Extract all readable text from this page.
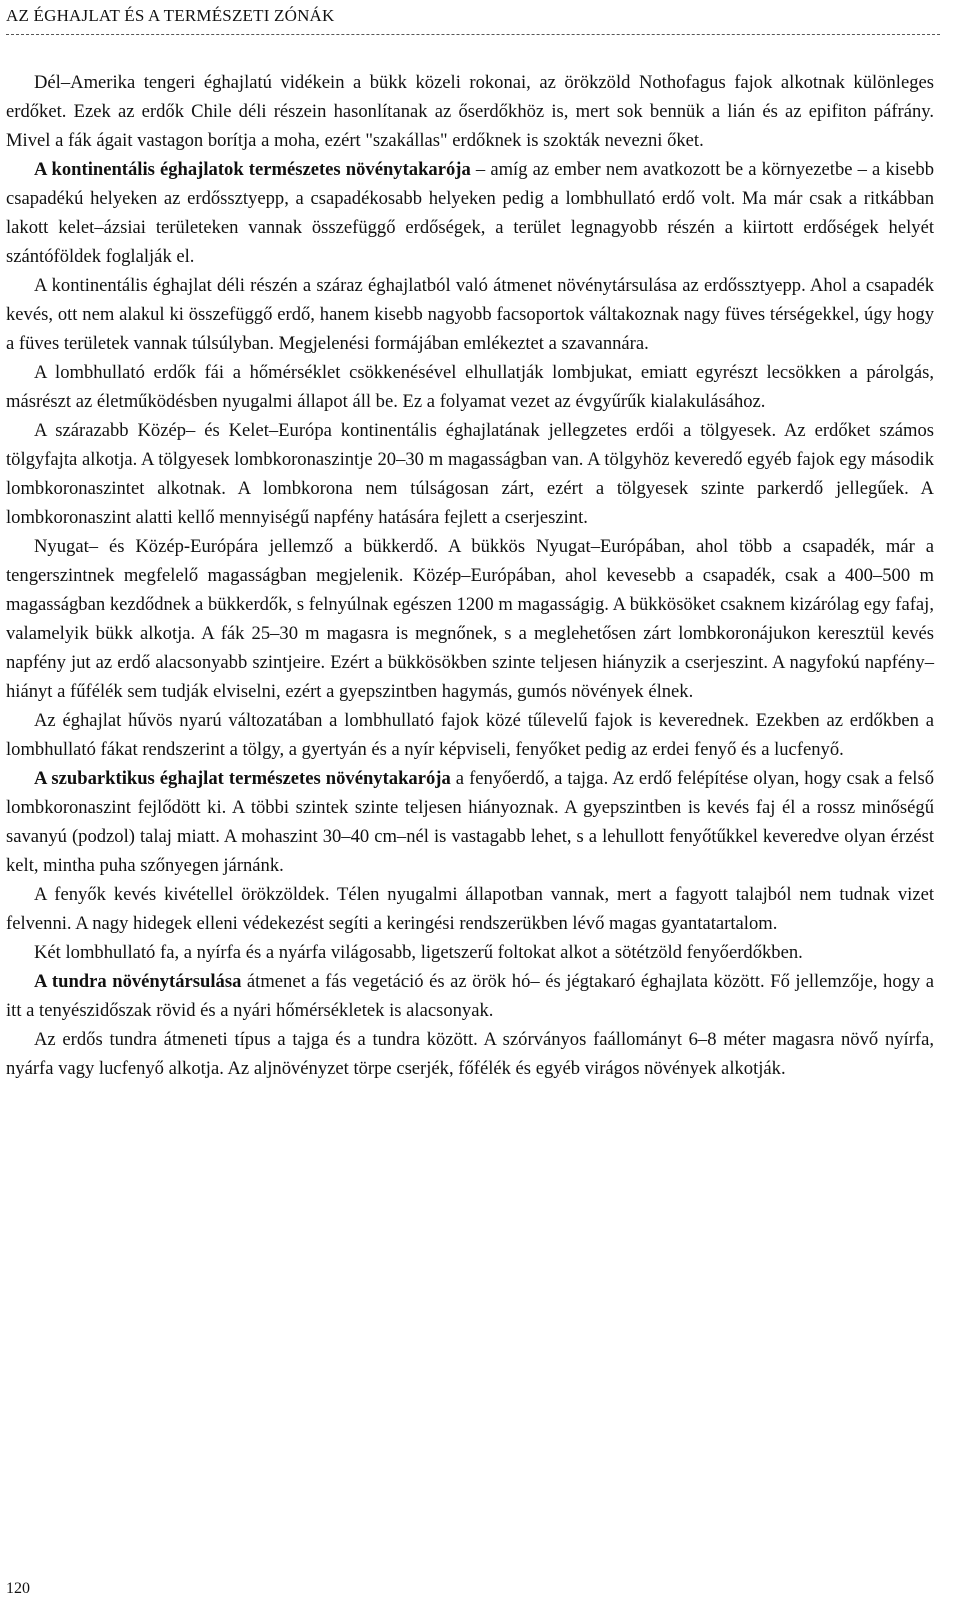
AZ ÉGHAJLAT ÉS A TERMÉSZETI ZÓNÁK

Dél–Amerika tengeri éghajlatú vidékein a bükk közeli rokonai, az örökzöld Nothofagus fajok alkotnak különleges erdőket. Ezek az erdők Chile déli részein hasonlítanak az őserdőkhöz is, mert sok bennük a lián és az epifiton páfrány. Mivel a fák ágait vastagon borítja a moha, ezért "szakállas" erdőknek is szokták nevezni őket.

A kontinentális éghajlatok természetes növénytakarója – amíg az ember nem avatkozott be a környezetbe – a kisebb csapadékú helyeken az erdőssztyepp, a csapadékosabb helyeken pedig a lombhullató erdő volt. Ma már csak a ritkábban lakott kelet–ázsiai területeken vannak összefüggő erdőségek, a terület legnagyobb részén a kiirtott erdőségek helyét szántóföldek foglalják el.

A kontinentális éghajlat déli részén a száraz éghajlatból való átmenet növénytársulása az erdőssztyepp. Ahol a csapadék kevés, ott nem alakul ki összefüggő erdő, hanem kisebb nagyobb facsoportok váltakoznak nagy füves térségekkel, úgy hogy a füves területek vannak túlsúlyban. Megjelenési formájában emlékeztet a szavannára.

A lombhullató erdők fái a hőmérséklet csökkenésével elhullatják lombjukat, emiatt egyrészt lecsökken a párolgás, másrészt az életműködésben nyugalmi állapot áll be. Ez a folyamat vezet az évgyűrűk kialakulásához.

A szárazabb Közép– és Kelet–Európa kontinentális éghajlatának jellegzetes erdői a tölgyesek. Az erdőket számos tölgyfajta alkotja. A tölgyesek lombkoronaszintje 20–30 m magasságban van. A tölgyhöz keveredő egyéb fajok egy második lombkoronaszintet alkotnak. A lombkorona nem túlságosan zárt, ezért a tölgyesek szinte parkerdő jellegűek. A lombkoronaszint alatti kellő mennyiségű napfény hatására fejlett a cserjeszint.

Nyugat– és Közép-Európára jellemző a bükkerdő. A bükkös Nyugat–Európában, ahol több a csapadék, már a tengerszintnek megfelelő magasságban megjelenik. Közép–Európában, ahol kevesebb a csapadék, csak a 400–500 m magasságban kezdődnek a bükkerdők, s felnyúlnak egészen 1200 m magasságig. A bükkösöket csaknem kizárólag egy fafaj, valamelyik bükk alkotja. A fák 25–30 m magasra is megnőnek, s a meglehetősen zárt lombkoronájukon keresztül kevés napfény jut az erdő alacsonyabb szintjeire. Ezért a bükkösökben szinte teljesen hiányzik a cserjeszint. A nagyfokú napfény–hiányt a fűfélék sem tudják elviselni, ezért a gyepszintben hagymás, gumós növények élnek.

Az éghajlat hűvös nyarú változatában a lombhullató fajok közé tűlevelű fajok is keverednek. Ezekben az erdőkben a lombhullató fákat rendszerint a tölgy, a gyertyán és a nyír képviseli, fenyőket pedig az erdei fenyő és a lucfenyő.

A szubarktikus éghajlat természetes növénytakarója a fenyőerdő, a tajga. Az erdő felépítése olyan, hogy csak a felső lombkoronaszint fejlődött ki. A többi szintek szinte teljesen hiányoznak. A gyepszintben is kevés faj él a rossz minőségű savanyú (podzol) talaj miatt. A mohaszint 30–40 cm–nél is vastagabb lehet, s a lehullott fenyőtűkkel keveredve olyan érzést kelt, mintha puha szőnyegen járnánk.

A fenyők kevés kivétellel örökzöldek. Télen nyugalmi állapotban vannak, mert a fagyott talajból nem tudnak vizet felvenni. A nagy hidegek elleni védekezést segíti a keringési rendszerükben lévő magas gyantatartalom.

Két lombhullató fa, a nyírfa és a nyárfa világosabb, ligetszerű foltokat alkot a sötétzöld fenyőerdőkben.

A tundra növénytársulása átmenet a fás vegetáció és az örök hó– és jégtakaró éghajlata között. Fő jellemzője, hogy a itt a tenyészidőszak rövid és a nyári hőmérsékletek is alacsonyak.

Az erdős tundra átmeneti típus a tajga és a tundra között. A szórványos faállományt 6–8 méter magasra növő nyírfa, nyárfa vagy lucfenyő alkotja. Az aljnövényzet törpe cserjék, főfélék és egyéb virágos növények alkotják.

120
